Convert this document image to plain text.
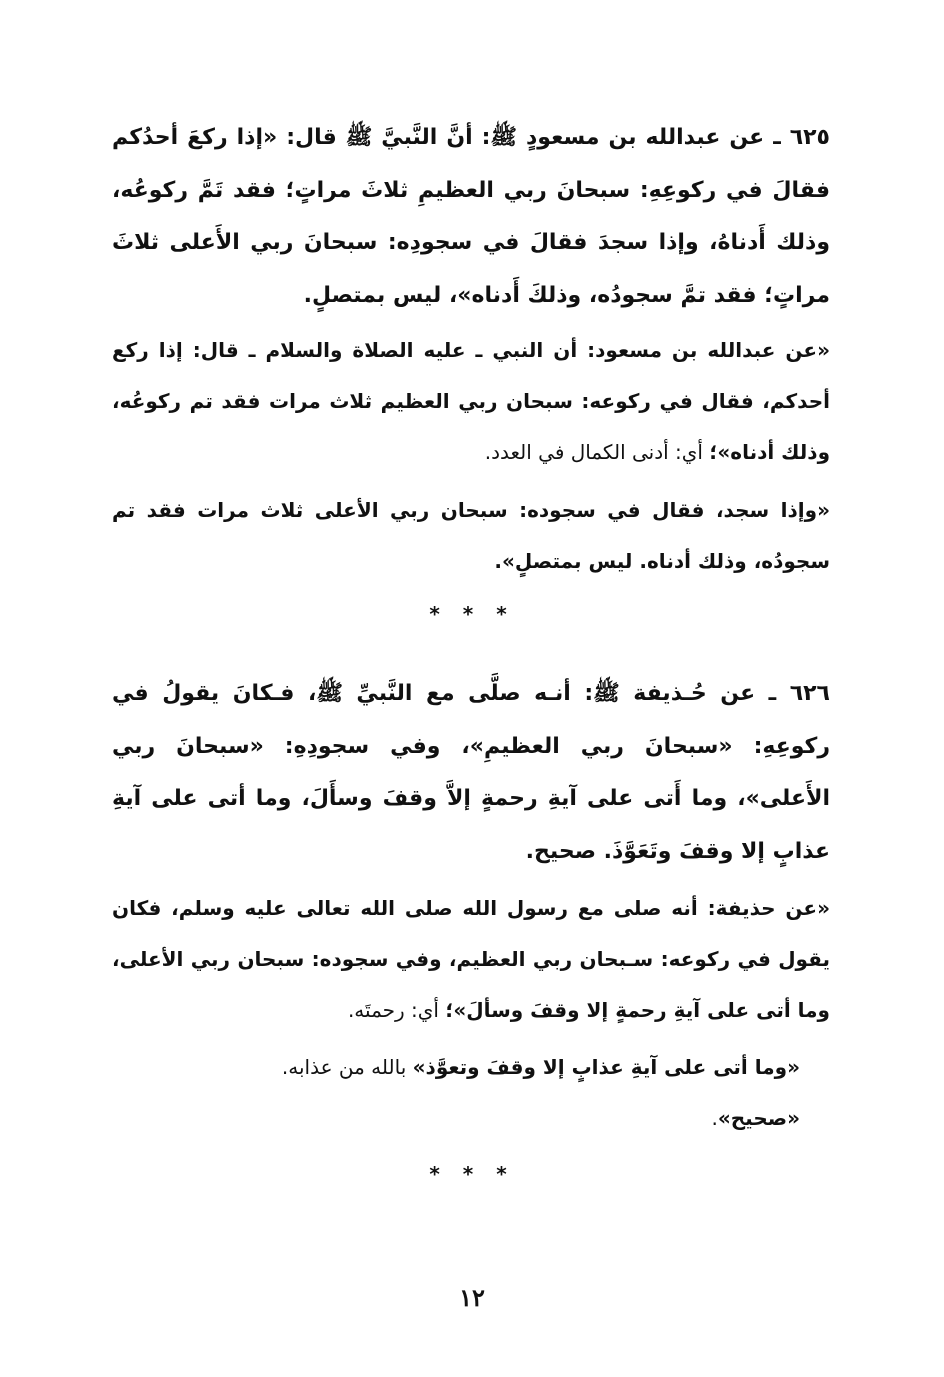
٦٢٥ ـ عن عبدالله بن مسعودٍ ﷺ: أنَّ النَّبيَّ ﷺ قال: «إذا ركعَ أحدُكم فقالَ في ركوعِهِ: سبحانَ ربي العظيمِ ثلاثَ مراتٍ؛ فقد تَمَّ ركوعُه، وذلك أَدناهُ، وإذا سجدَ فقالَ في سجودِه: سبحانَ ربي الأَعلى ثلاثَ مراتٍ؛ فقد تمَّ سجودُه، وذلكَ أَدناه»، ليس بمتصلٍ.

«عن عبدالله بن مسعود: أن النبي ـ عليه الصلاة والسلام ـ قال: إذا ركع أحدكم، فقال في ركوعه: سبحان ربي العظيم ثلاث مرات فقد تم ركوعُه، وذلك أدناه»؛ أي: أدنى الكمال في العدد.

«وإذا سجد، فقال في سجوده: سبحان ربي الأعلى ثلاث مرات فقد تم سجودُه، وذلك أدناه. ليس بمتصلٍ».

* * *

٦٢٦ ـ عن حُـذيفة ﷺ: أنـه صلَّى مع النَّبيِّ ﷺ، فـكانَ يقولُ في ركوعِهِ: «سبحانَ ربي العظيمِ»، وفي سجودِهِ: «سبحانَ ربي الأَعلى»، وما أَتى على آيةِ رحمةٍ إلاَّ وقفَ وسأَلَ، وما أتى على آيةِ عذابٍ إلا وقفَ وتَعَوَّذَ. صحيح.

«عن حذيفة: أنه صلى مع رسول الله صلى الله تعالى عليه وسلم، فكان يقول في ركوعه: سـبحان ربي العظيم، وفي سجوده: سبحان ربي الأعلى، وما أتى على آيةِ رحمةٍ إلا وقفَ وسألَ»؛ أي: رحمتَه.
«وما أتى على آيةِ عذابٍ إلا وقفَ وتعوَّذ» بالله من عذابه.
«صحيح».
* * *
١٢
